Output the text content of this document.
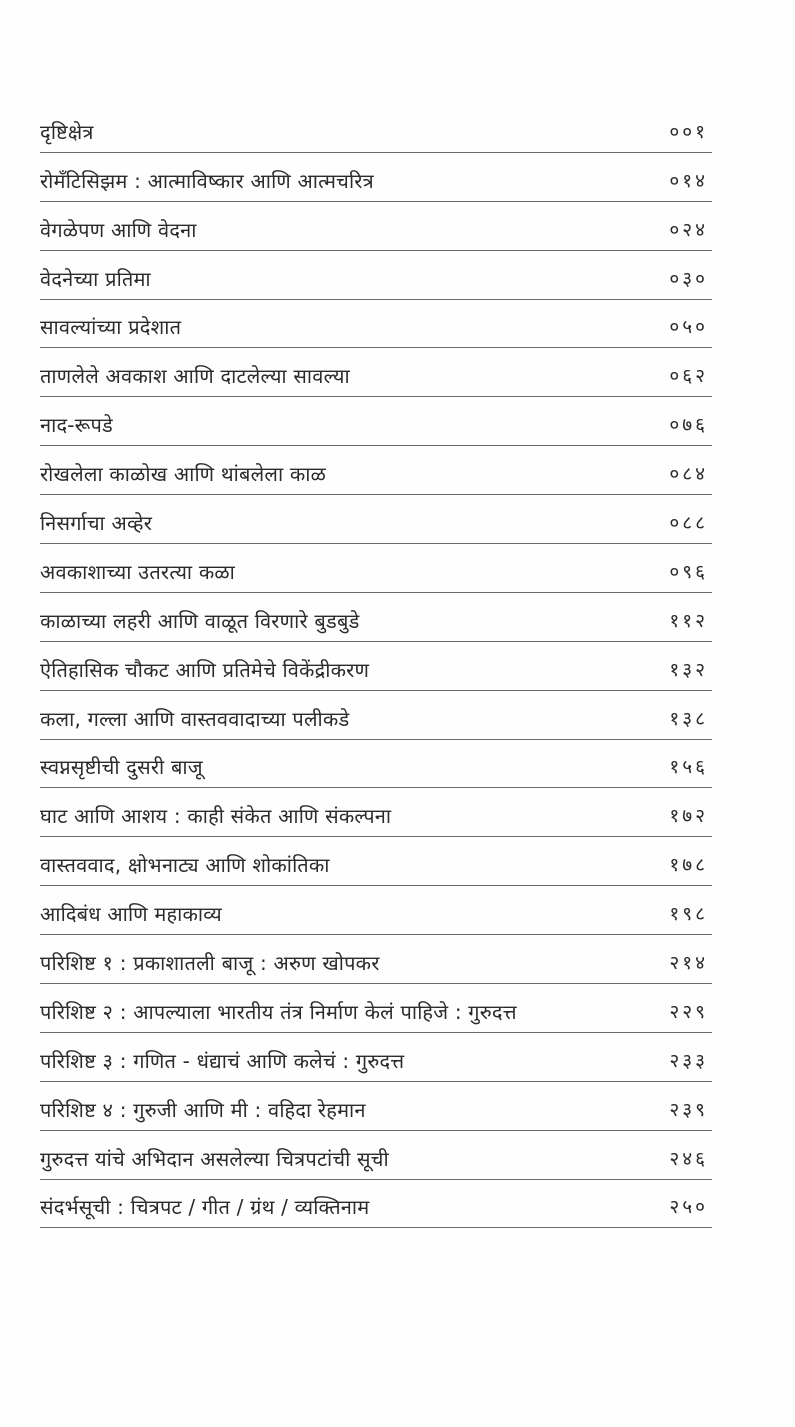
दृष्टिक्षेत्र	००१
रोमँटिसिझम : आत्माविष्कार आणि आत्मचरित्र	०१४
वेगळेपण आणि वेदना	०२४
वेदनेच्या प्रतिमा	०३०
सावल्यांच्या प्रदेशात	०५०
ताणलेले अवकाश आणि दाटलेल्या सावल्या	०६२
नाद-रूपडे	०७६
रोखलेला काळोख आणि थांबलेला काळ	०८४
निसर्गाचा अव्हेर	०८८
अवकाशाच्या उतरत्या कळा	०९६
काळाच्या लहरी आणि वाळूत विरणारे बुडबुडे	११२
ऐतिहासिक चौकट आणि प्रतिमेचे विकेंद्रीकरण	१३२
कला, गल्ला आणि वास्तववादाच्या पलीकडे	१३८
स्वप्नसृष्टीची दुसरी बाजू	१५६
घाट आणि आशय : काही संकेत आणि संकल्पना	१७२
वास्तववाद, क्षोभनाट्य आणि शोकांतिका	१७८
आदिबंध आणि महाकाव्य	१९८
परिशिष्ट १ : प्रकाशातली बाजू : अरुण खोपकर	२१४
परिशिष्ट २ : आपल्याला भारतीय तंत्र निर्माण केलं पाहिजे : गुरुदत्त	२२९
परिशिष्ट ३ : गणित - धंद्याचं आणि कलेचं : गुरुदत्त	२३३
परिशिष्ट ४ : गुरुजी आणि मी : वहिदा रेहमान	२३९
गुरुदत्त यांचे अभिदान असलेल्या चित्रपटांची सूची	२४६
संदर्भसूची : चित्रपट / गीत / ग्रंथ / व्यक्तिनाम	२५०
